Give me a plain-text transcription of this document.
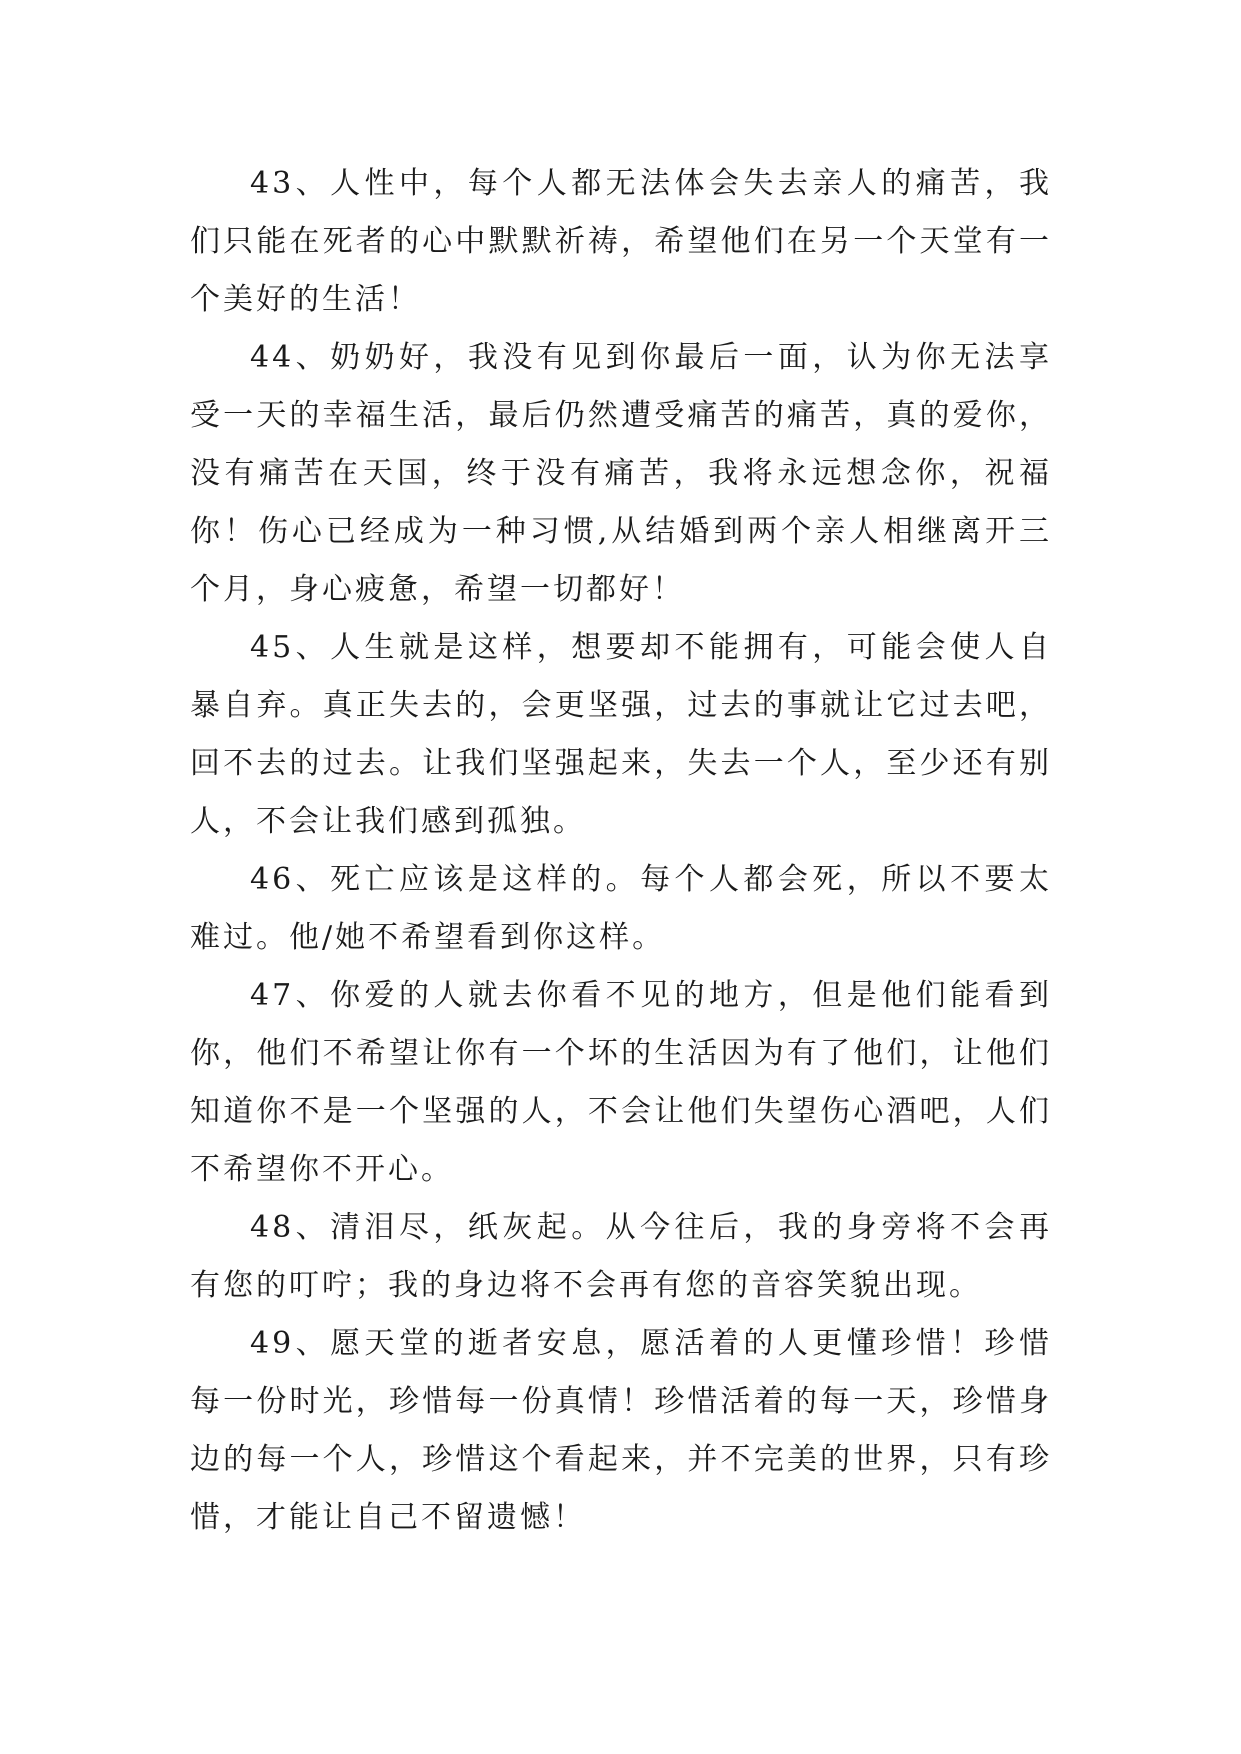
43、人性中，每个人都无法体会失去亲人的痛苦，我们只能在死者的心中默默祈祷，希望他们在另一个天堂有一个美好的生活！

44、奶奶好，我没有见到你最后一面，认为你无法享受一天的幸福生活，最后仍然遭受痛苦的痛苦，真的爱你，没有痛苦在天国，终于没有痛苦，我将永远想念你，祝福你！伤心已经成为一种习惯,从结婚到两个亲人相继离开三个月，身心疲惫，希望一切都好！

45、人生就是这样，想要却不能拥有，可能会使人自暴自弃。真正失去的，会更坚强，过去的事就让它过去吧，回不去的过去。让我们坚强起来，失去一个人，至少还有别人，不会让我们感到孤独。

46、死亡应该是这样的。每个人都会死，所以不要太难过。他/她不希望看到你这样。

47、你爱的人就去你看不见的地方，但是他们能看到你，他们不希望让你有一个坏的生活因为有了他们，让他们知道你不是一个坚强的人，不会让他们失望伤心酒吧，人们不希望你不开心。

48、清泪尽，纸灰起。从今往后，我的身旁将不会再有您的叮咛；我的身边将不会再有您的音容笑貌出现。

49、愿天堂的逝者安息，愿活着的人更懂珍惜！珍惜每一份时光，珍惜每一份真情！珍惜活着的每一天，珍惜身边的每一个人，珍惜这个看起来，并不完美的世界，只有珍惜，才能让自己不留遗憾！
